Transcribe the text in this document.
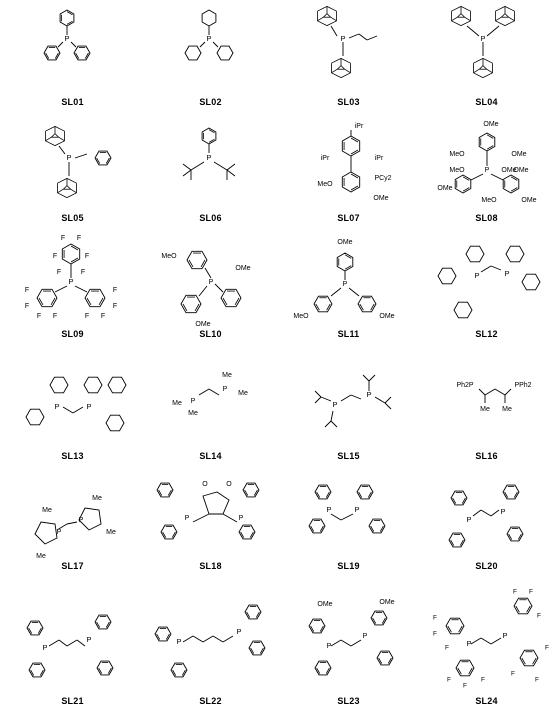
P
SL01
P
SL02
P
SL03
P
SL04
P
SL05
P
SL06
iPr
iPr	iPr
MeO
PCy2
OMe
SL07
OMe
MeO	OMe
OMe
MeO	P	OMe
OMe
MeO	OMe
SL08
F F
F	F
F
F
F F
F
F
F
F
F	F
P
SL09
MeO
OMe
P
OMe
SL10
OMe
P
MeO	OMe
SL11
P	P
SL12
P	P
SL13
Me P
Me
P
Me
Me
SL14
P
P
SL15
Ph2P	PPh2
Me Me
SL16
Me
Me
P
P
Me
Me
SL17
O	O
P	P
SL18
P	P
SL19
P
P
SL20
P
P
SL21
P
P
SL22
OMe
P
P
OMe
SL23
F F
F
F
F
F
F
F
F	F
F
F
P
P
SL24
